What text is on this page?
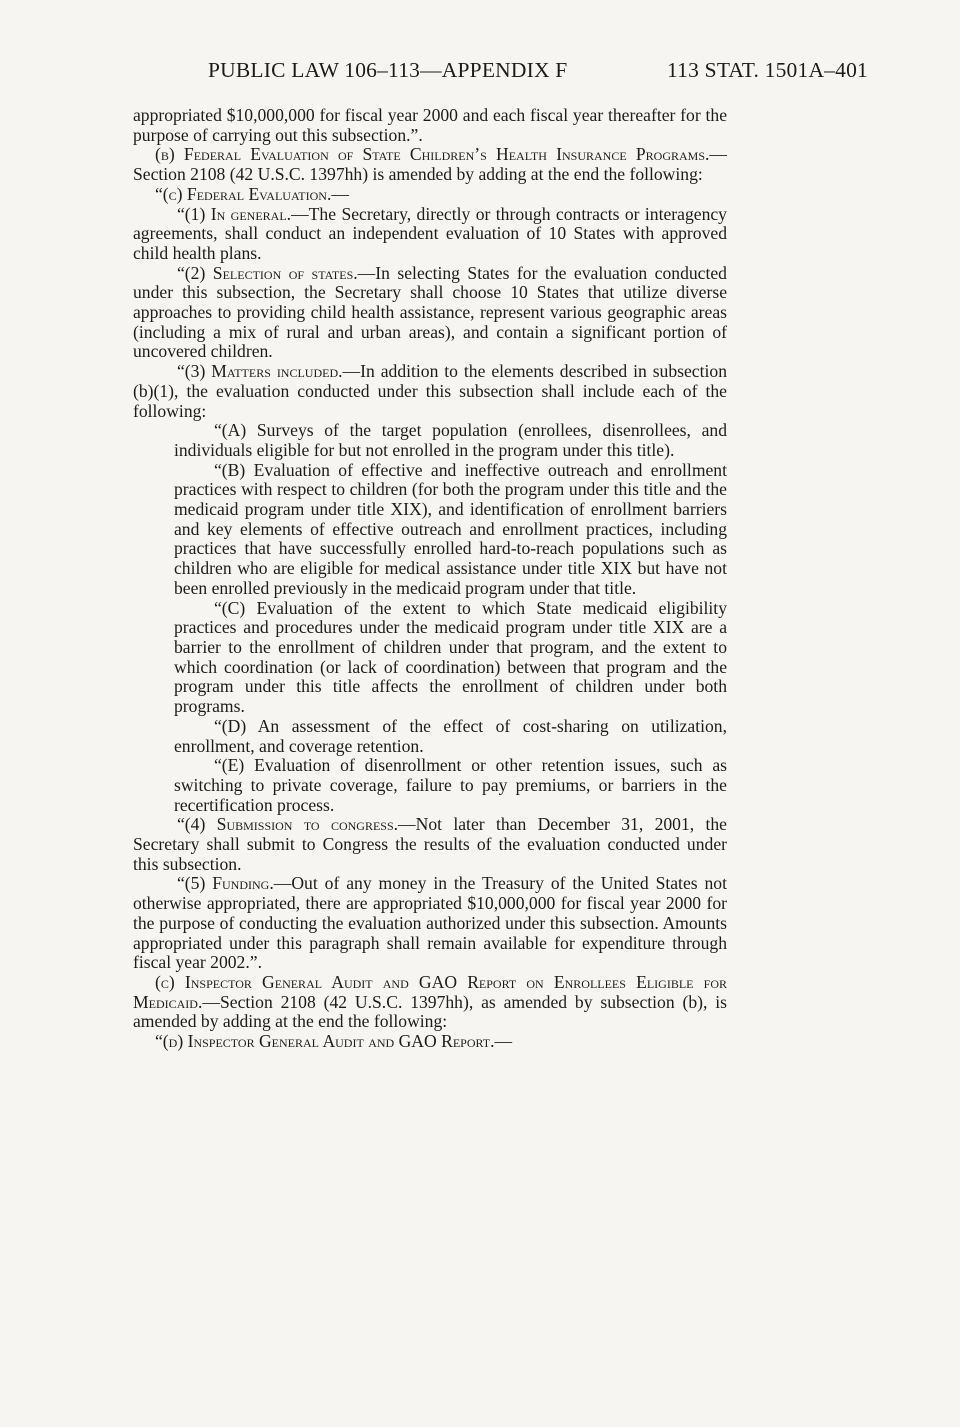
PUBLIC LAW 106–113—APPENDIX F	113 STAT. 1501A–401

appropriated $10,000,000 for fiscal year 2000 and each fiscal year thereafter for the purpose of carrying out this subsection.”.

(b) Federal Evaluation of State Children’s Health Insurance Programs.—Section 2108 (42 U.S.C. 1397hh) is amended by adding at the end the following:

“(c) Federal Evaluation.—

“(1) In general.—The Secretary, directly or through contracts or interagency agreements, shall conduct an independent evaluation of 10 States with approved child health plans.

“(2) Selection of states.—In selecting States for the evaluation conducted under this subsection, the Secretary shall choose 10 States that utilize diverse approaches to providing child health assistance, represent various geographic areas (including a mix of rural and urban areas), and contain a significant portion of uncovered children.

“(3) Matters included.—In addition to the elements described in subsection (b)(1), the evaluation conducted under this subsection shall include each of the following:

“(A) Surveys of the target population (enrollees, disenrollees, and individuals eligible for but not enrolled in the program under this title).

“(B) Evaluation of effective and ineffective outreach and enrollment practices with respect to children (for both the program under this title and the medicaid program under title XIX), and identification of enrollment barriers and key elements of effective outreach and enrollment practices, including practices that have successfully enrolled hard-to-reach populations such as children who are eligible for medical assistance under title XIX but have not been enrolled previously in the medicaid program under that title.

“(C) Evaluation of the extent to which State medicaid eligibility practices and procedures under the medicaid program under title XIX are a barrier to the enrollment of children under that program, and the extent to which coordination (or lack of coordination) between that program and the program under this title affects the enrollment of children under both programs.

“(D) An assessment of the effect of cost-sharing on utilization, enrollment, and coverage retention.

“(E) Evaluation of disenrollment or other retention issues, such as switching to private coverage, failure to pay premiums, or barriers in the recertification process.

“(4) Submission to congress.—Not later than December 31, 2001, the Secretary shall submit to Congress the results of the evaluation conducted under this subsection.

“(5) Funding.—Out of any money in the Treasury of the United States not otherwise appropriated, there are appropriated $10,000,000 for fiscal year 2000 for the purpose of conducting the evaluation authorized under this subsection. Amounts appropriated under this paragraph shall remain available for expenditure through fiscal year 2002.”.

(c) Inspector General Audit and GAO Report on Enrollees Eligible for Medicaid.—Section 2108 (42 U.S.C. 1397hh), as amended by subsection (b), is amended by adding at the end the following:

“(d) Inspector General Audit and GAO Report.—
